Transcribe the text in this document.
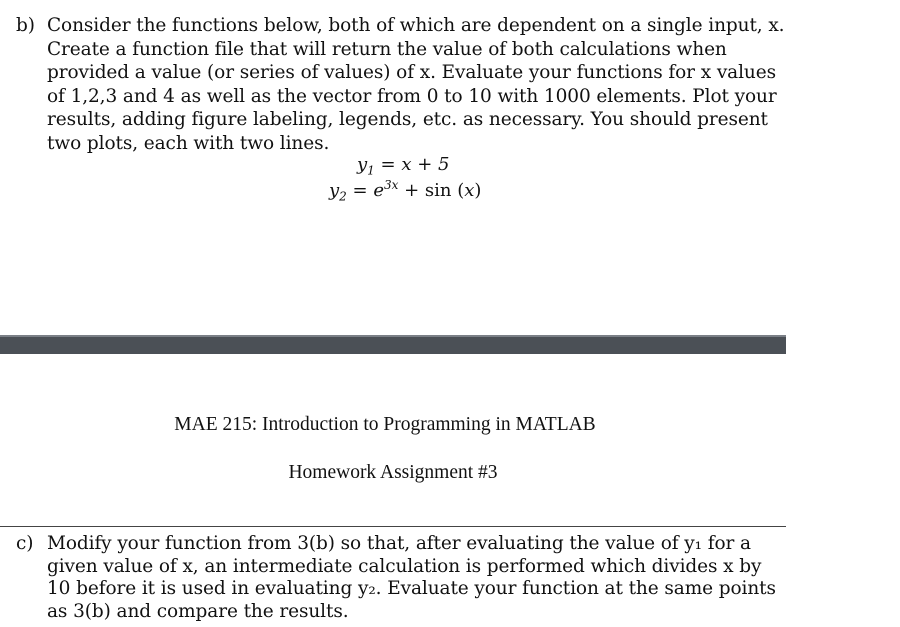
b) Consider the functions below, both of which are dependent on a single input, x. Create a function file that will return the value of both calculations when provided a value (or series of values) of x. Evaluate your functions for x values of 1,2,3 and 4 as well as the vector from 0 to 10 with 1000 elements. Plot your results, adding figure labeling, legends, etc. as necessary. You should present two plots, each with two lines.
$y_1 = x + 5$
$y_2 = e^{3x} + \sin (x)$
MAE 215: Introduction to Programming in MATLAB
Homework Assignment #3
c) Modify your function from 3(b) so that, after evaluating the value of y₁ for a given value of x, an intermediate calculation is performed which divides x by 10 before it is used in evaluating y₂. Evaluate your function at the same points as 3(b) and compare the results.
